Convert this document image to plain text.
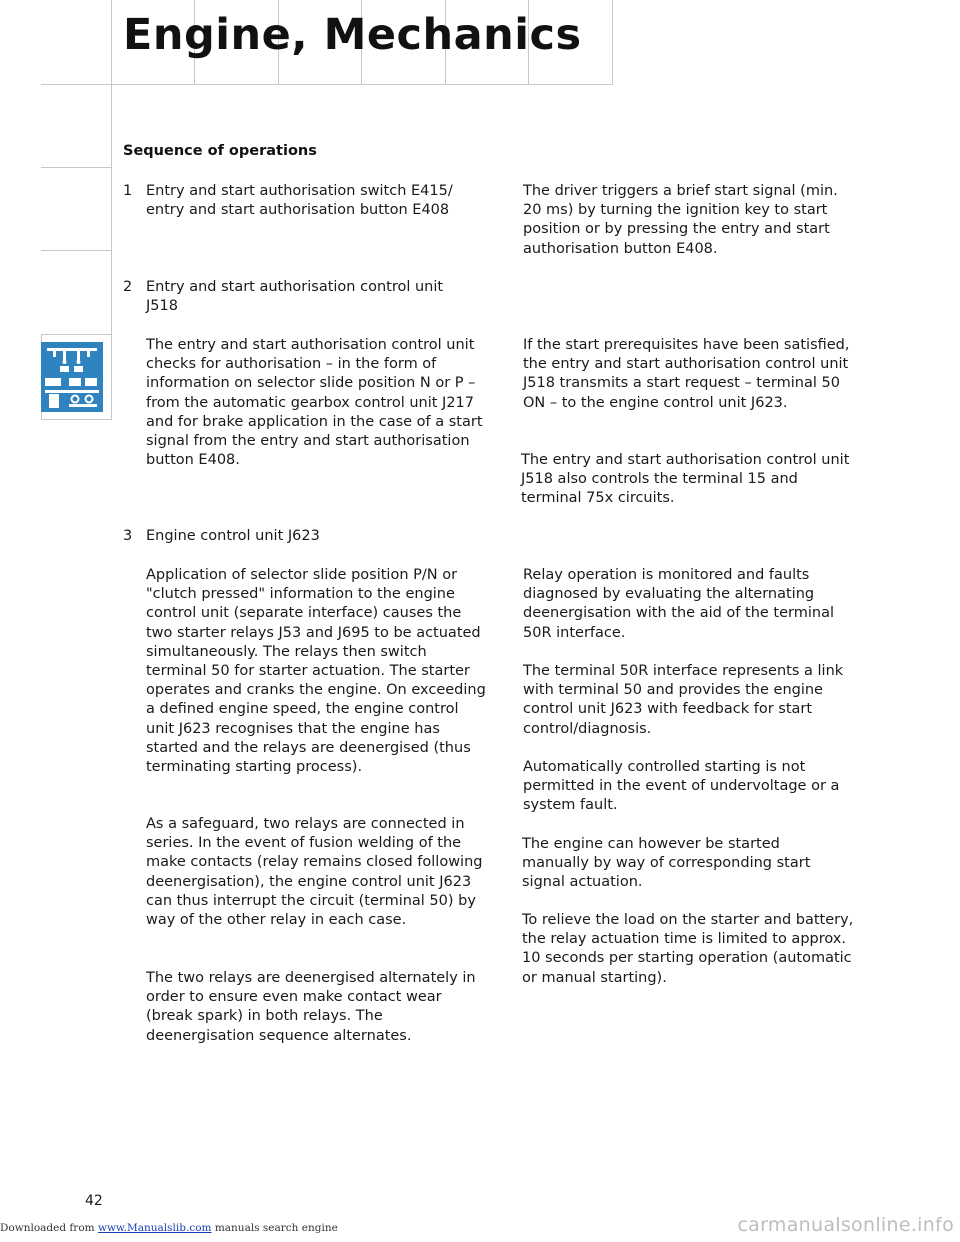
Engine, Mechanics
Sequence of operations
1 Entry and start authorisation switch E415/ entry and start authorisation button E408
The driver triggers a brief start signal (min. 20 ms) by turning the ignition key to start position or by pressing the entry and start authorisation button E408.
2 Entry and start authorisation control unit J518
The entry and start authorisation control unit checks for authorisation – in the form of information on selector slide position N or P – from the automatic gearbox control unit J217 and for brake application in the case of a start signal from the entry and start authorisation button E408.
If the start prerequisites have been satisfied, the entry and start authorisation control unit J518 transmits a start request – terminal 50 ON – to the engine control unit J623.
The entry and start authorisation control unit J518 also controls the terminal 15 and terminal 75x circuits.
3 Engine control unit J623
Application of selector slide position P/N or "clutch pressed" information to the engine control unit (separate interface) causes the two starter relays J53 and J695 to be actuated simultaneously. The relays then switch terminal 50 for starter actuation. The starter operates and cranks the engine. On exceeding a defined engine speed, the engine control unit J623 recognises that the engine has started and the relays are deenergised (thus terminating starting process).
As a safeguard, two relays are connected in series. In the event of fusion welding of the make contacts (relay remains closed following deenergisation), the engine control unit J623 can thus interrupt the circuit (terminal 50) by way of the other relay in each case.
The two relays are deenergised alternately in order to ensure even make contact wear (break spark) in both relays. The deenergisation sequence alternates.
Relay operation is monitored and faults diagnosed by evaluating the alternating deenergisation with the aid of the terminal 50R interface.
The terminal 50R interface represents a link with terminal 50 and provides the engine control unit J623 with feedback for start control/diagnosis.
Automatically controlled starting is not permitted in the event of undervoltage or a system fault.
The engine can however be started manually by way of corresponding start signal actuation.
To relieve the load on the starter and battery, the relay actuation time is limited to approx. 10 seconds per starting operation (automatic or manual starting).
42
Downloaded from www.Manualslib.com manuals search engine	carmanualsonline.info
